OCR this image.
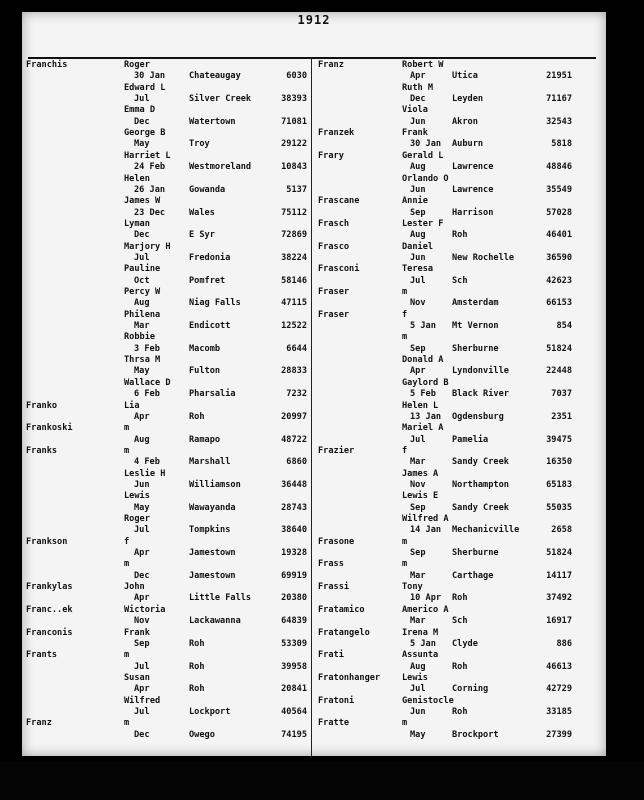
1912
Franchis	Roger
30 Jan	Chateaugay	6030
Edward L
Jul	Silver Creek	38393
Emma D
Dec	Watertown	71081
George B
May	Troy	29122
Harriet L
24 Feb	Westmoreland	10843
Helen
26 Jan	Gowanda	5137
James W
23 Dec	Wales	75112
Lyman
Dec	E Syr	72869
Marjory H
Jul	Fredonia	38224
Pauline
Oct	Pomfret	58146
Percy W
Aug	Niag Falls	47115
Philena
Mar	Endicott	12522
Robbie
3 Feb	Macomb	6644
Thrsa M
May	Fulton	28833
Wallace D
6 Feb	Pharsalia	7232
Franko	Lia
Apr	Roh	20997
Frankoski	m
Aug	Ramapo	48722
Franks	m
4 Feb	Marshall	6860
Leslie H
Jun	Williamson	36448
Lewis
May	Wawayanda	28743
Roger
Jul	Tompkins	38640
Frankson	f
Apr	Jamestown	19328
m
Dec	Jamestown	69919
Frankylas	John
Apr	Little Falls	20380
Franc..ek	Wictoria
Nov	Lackawanna	64839
Franconis	Frank
Sep	Roh	53309
Frants	m
Jul	Roh	39958
Susan
Apr	Roh	20841
Wilfred
Jul	Lockport	40564
Franz	m
Dec	Owego	74195
Franz	Robert W
Apr	Utica	21951
Ruth M
Dec	Leyden	71167
Viola
Jun	Akron	32543
Franzek	Frank
30 Jan Auburn	5818
Frary	Gerald L
Aug	Lawrence	48846
Orlando O
Jun	Lawrence	35549
Frascane	Annie
Sep	Harrison	57028
Frasch	Lester F
Aug	Roh	46401
Frasco	Daniel
Jun	New Rochelle	36590
Frasconi	Teresa
Jul	Sch	42623
Fraser	m
Nov	Amsterdam	66153
Fraser	f
5 Jan Mt Vernon	854
m
Sep	Sherburne	51824
Donald A
Apr	Lyndonville	22448
Gaylord B
5 Feb Black River	7037
Helen L
13 Jan Ogdensburg	2351
Mariel A
Jul	Pamelia	39475
Frazier	f
Mar	Sandy Creek	16350
James A
Nov	Northampton	65183
Lewis E
Sep	Sandy Creek	55035
Wilfred A
14 Jan Mechanicville	2658
Frasone	m
Sep	Sherburne	51824
Frass	m
Mar	Carthage	14117
Frassi	Tony
10 Apr Roh	37492
Fratamico	Americo A
Mar	Sch	16917
Fratangelo	Irena M
5 Jan Clyde	886
Frati	Assunta
Aug	Roh	46613
Fratonhanger	Lewis
Jul	Corning	42729
Fratoni	Genistocle
Jun	Roh	33185
Fratte	m
May	Brockport	27399
